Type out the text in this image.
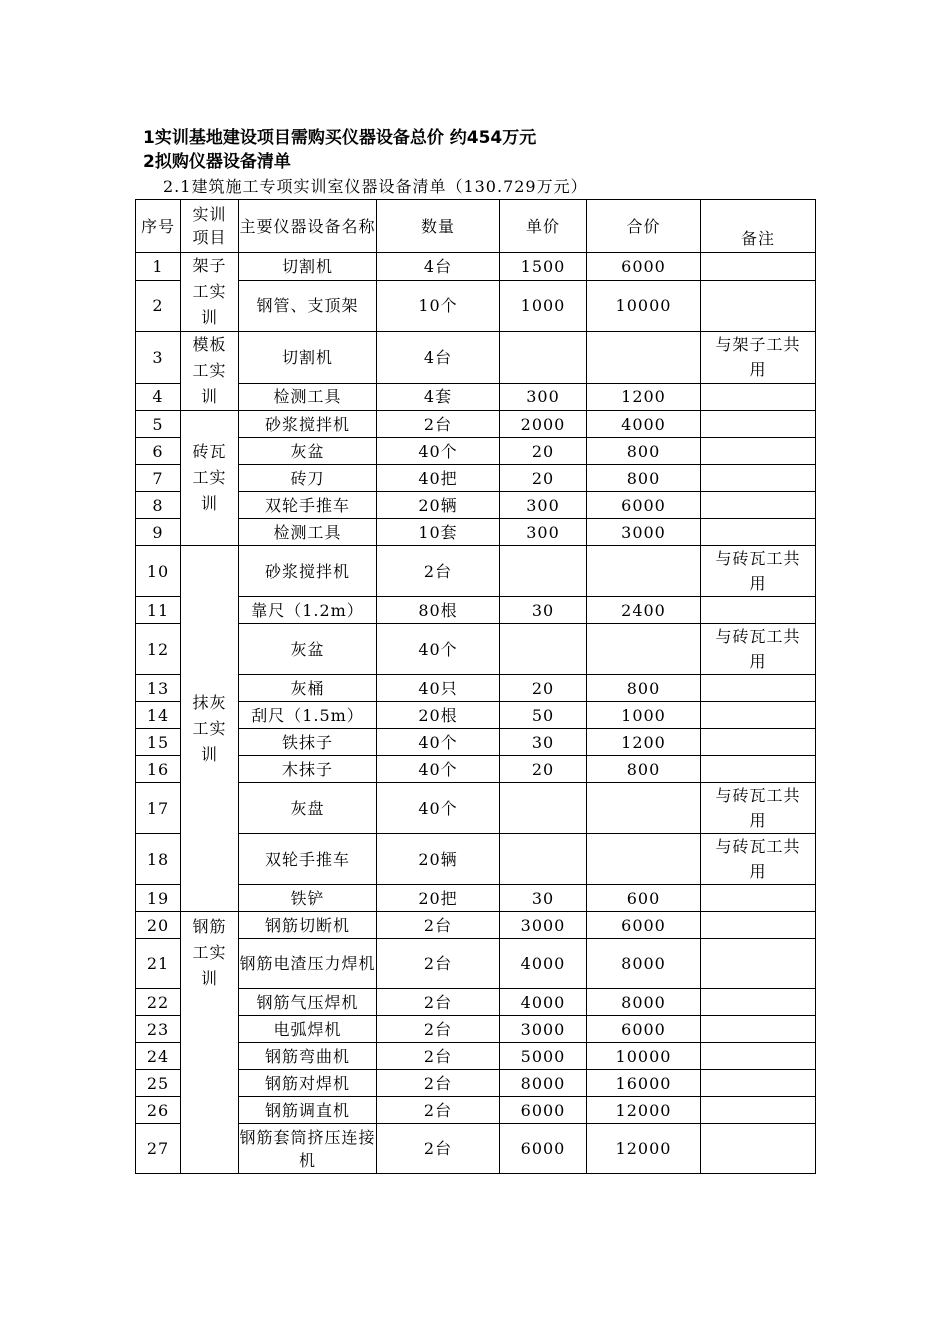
1实训基地建设项目需购买仪器设备总价 约454万元
2拟购仪器设备清单
2.1建筑施工专项实训室仪器设备清单（130.729万元）
序号	实训项目	主要仪器设备名称	数量	单价	合价	备注
1	架子工实训	切割机	4台	1500	6000	
2		钢管、支顶架	10个	1000	10000	
3	模板工实训	切割机	4台			与架子工共用
4		检测工具	4套	300	1200	
5	砖瓦工实训	砂浆搅拌机	2台	2000	4000	
6		灰盆	40个	20	800	
7		砖刀	40把	20	800	
8		双轮手推车	20辆	300	6000	
9		检测工具	10套	300	3000	
10	抹灰工实训	砂浆搅拌机	2台			与砖瓦工共用
11		靠尺（1.2m）	80根	30	2400	
12		灰盆	40个			与砖瓦工共用
13		灰桶	40只	20	800	
14		刮尺（1.5m）	20根	50	1000	
15		铁抹子	40个	30	1200	
16		木抹子	40个	20	800	
17		灰盘	40个			与砖瓦工共用
18		双轮手推车	20辆			与砖瓦工共用
19		铁铲	20把	30	600	
20	钢筋工实训	钢筋切断机	2台	3000	6000	
21		钢筋电渣压力焊机	2台	4000	8000	
22		钢筋气压焊机	2台	4000	8000	
23		电弧焊机	2台	3000	6000	
24		钢筋弯曲机	2台	5000	10000	
25		钢筋对焊机	2台	8000	16000	
26		钢筋调直机	2台	6000	12000	
27		钢筋套筒挤压连接机	2台	6000	12000	
